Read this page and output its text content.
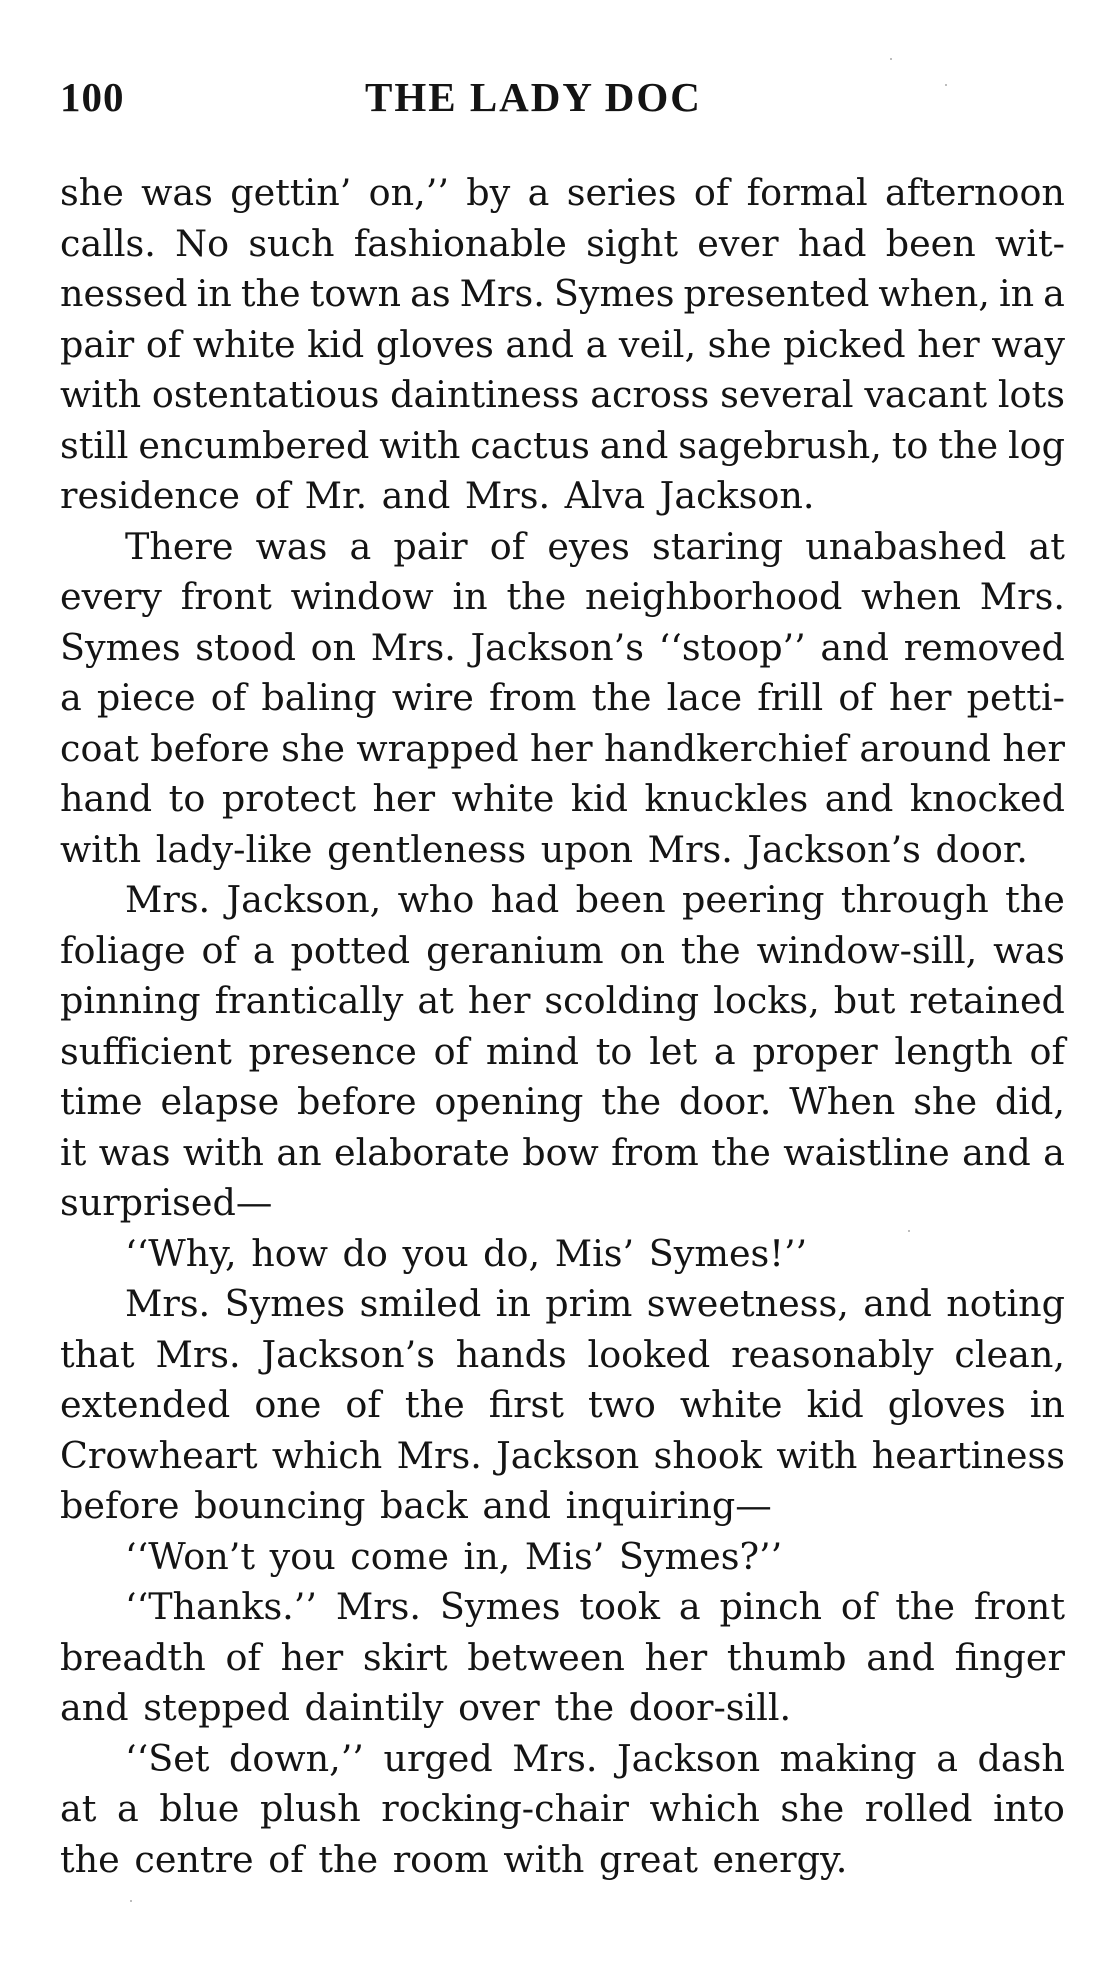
100	THE LADY DOC
she was gettin’ on,’’ by a series of formal afternoon
calls. No such fashionable sight ever had been wit-
nessed in the town as Mrs. Symes presented when, in a
pair of white kid gloves and a veil, she picked her way
with ostentatious daintiness across several vacant lots
still encumbered with cactus and sagebrush, to the log
residence of Mr. and Mrs. Alva Jackson.
There was a pair of eyes staring unabashed at
every front window in the neighborhood when Mrs.
Symes stood on Mrs. Jackson’s ‘‘stoop’’ and removed
a piece of baling wire from the lace frill of her petti-
coat before she wrapped her handkerchief around her
hand to protect her white kid knuckles and knocked
with lady-like gentleness upon Mrs. Jackson’s door.
Mrs. Jackson, who had been peering through the
foliage of a potted geranium on the window-sill, was
pinning frantically at her scolding locks, but retained
sufficient presence of mind to let a proper length of
time elapse before opening the door. When she did,
it was with an elaborate bow from the waistline and a
surprised—
‘‘Why, how do you do, Mis’ Symes!’’
Mrs. Symes smiled in prim sweetness, and noting
that Mrs. Jackson’s hands looked reasonably clean,
extended one of the first two white kid gloves in
Crowheart which Mrs. Jackson shook with heartiness
before bouncing back and inquiring—
‘‘Won’t you come in, Mis’ Symes?’’
‘‘Thanks.’’ Mrs. Symes took a pinch of the front
breadth of her skirt between her thumb and finger
and stepped daintily over the door-sill.
‘‘Set down,’’ urged Mrs. Jackson making a dash
at a blue plush rocking-chair which she rolled into
the centre of the room with great energy.
